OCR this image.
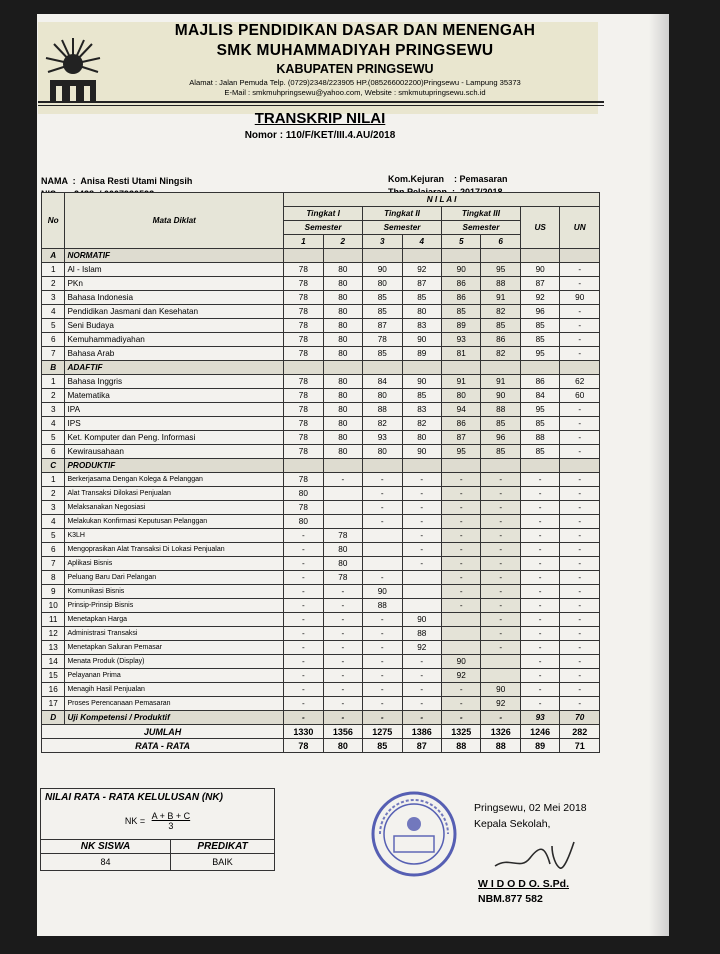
MAJLIS PENDIDIKAN DASAR DAN MENENGAH
SMK MUHAMMADIYAH PRINGSEWU
KABUPATEN PRINGSEWU
Alamat : Jalan Pemuda Telp. (0729)2348/223905 HP.(085266002200)Pringsewu - Lampung 35373
E-Mail : smkmuhpringsewu@yahoo.com, Website : smkmutupringsewu.sch.id
TRANSKRIP NILAI
Nomor : 110/F/KET/III.4.AU/2018
NAMA  :  Anisa Resti Utami Ningsih	Kom.Kejuran    : Pemasaran
No	Mata Diklat	N I L A I							
		Tingkat I		Tingkat II		Tingkat III		US	UN
		Semester		Semester		Semester			
		1	2	3	4	5	6		
A	NORMATIF								
1	Al - Islam	78	80	90	92	90	95	90	-
2	PKn	78	80	80	87	86	88	87	-
3	Bahasa Indonesia	78	80	85	85	86	91	92	90
4	Pendidikan Jasmani dan Kesehatan	78	80	85	80	85	82	96	-
5	Seni Budaya	78	80	87	83	89	85	85	-
6	Kemuhammadiyahan	78	80	78	90	93	86	85	-
7	Bahasa Arab	78	80	85	89	81	82	95	-
B	ADAFTIF								
1	Bahasa Inggris	78	80	84	90	91	91	86	62
2	Matematika	78	80	80	85	80	90	84	60
3	IPA	78	80	88	83	94	88	95	-
4	IPS	78	80	82	82	86	85	85	-
5	Ket. Komputer dan Peng. Informasi	78	80	93	80	87	96	88	-
6	Kewirausahaan	78	80	80	90	95	85	85	-
C	PRODUKTIF								
1	Berkerjasama Dengan Kolega & Pelanggan	78	-	-	-	-	-	-	-
2	Alat Transaksi Dilokasi Penjualan	80		-	-	-	-	-	-
3	Melaksanakan Negosiasi	78		-	-	-	-	-	-
4	Melakukan Konfirmasi Keputusan Pelanggan	80		-	-	-	-	-	-
5	K3LH	-	78		-	-	-	-	-
6	Mengoprasikan Alat Transaksi Di Lokasi Penjualan	-	80		-	-	-	-	-
7	Aplikasi Bisnis	-	80		-	-	-	-	-
8	Peluang Baru Dari Pelangan	-	78	-		-	-	-	-
9	Komunikasi Bisnis	-	-	90		-	-	-	-
10	Prinsip-Prinsip Bisnis	-	-	88		-	-	-	-
11	Menetapkan Harga	-	-	-	90		-	-	-
12	Administrasi Transaksi	-	-	-	88		-	-	-
13	Menetapkan Saluran Pemasar	-	-	-	92		-	-	-
14	Menata Produk (Display)	-	-	-	-	90		-	-
15	Pelayanan Prima	-	-	-	-	92		-	-
16	Menagih Hasil Penjualan	-	-	-	-	-	90	-	-
17	Proses Perencanaan Pemasaran	-	-	-	-	-	92	-	-
D	Uji Kompetensi / Produktif	-	-	-	-	-	-	93	70
JUMLAH		1330	1356	1275	1386	1325	1326	1246	282
RATA - RATA		78	80	85	87	88	88	89	71
NILAI RATA - RATA KELULUSAN (NK)	
NK = $\frac{A + B + C}{3}$

NK SISWA	PREDIKAT
84	BAIK
Pringsewu, 02 Mei 2018
Kepala Sekolah,
W I D O D O. S.Pd.
NBM.877 582
